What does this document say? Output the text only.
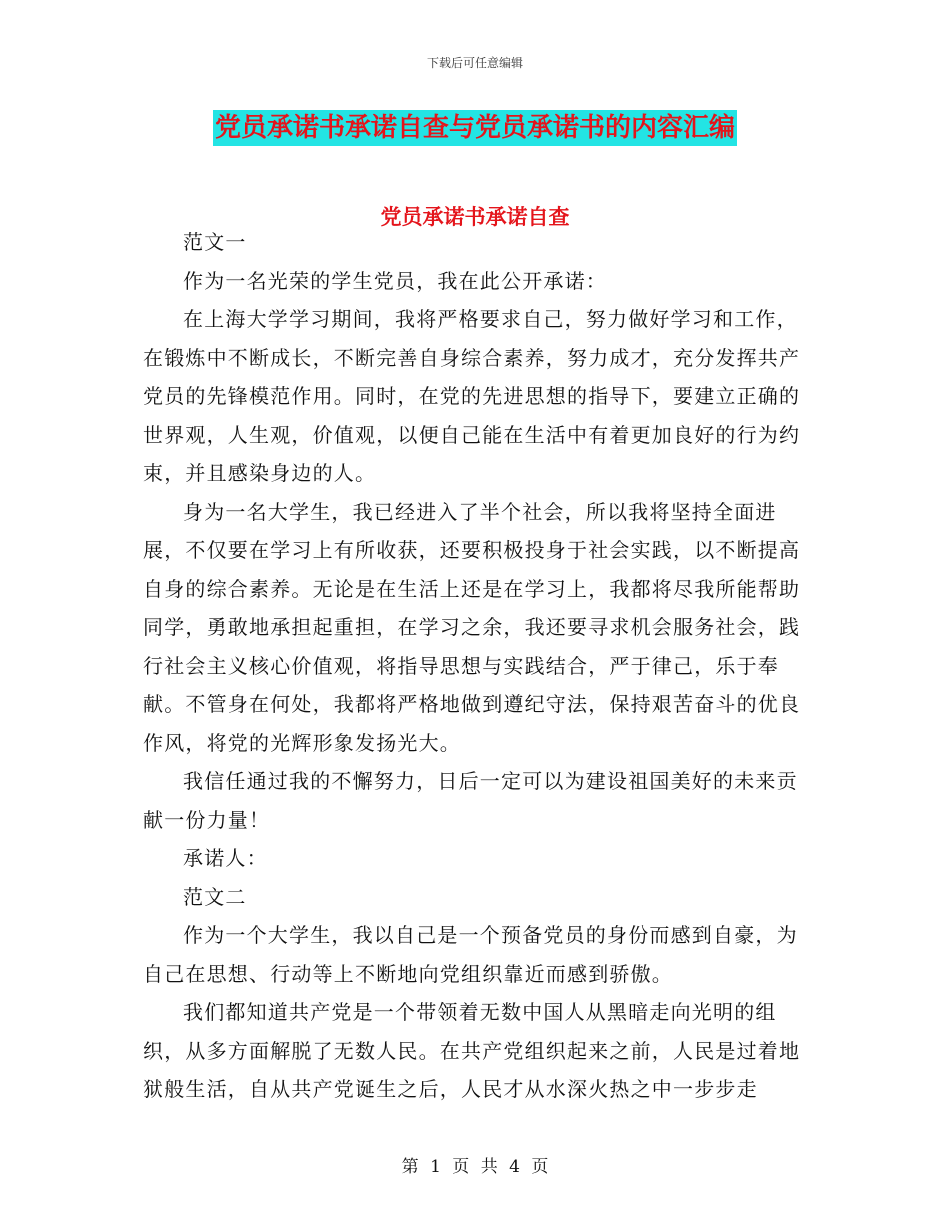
下载后可任意编辑
党员承诺书承诺自查与党员承诺书的内容汇编
党员承诺书承诺自查

范文一

作为一名光荣的学生党员，我在此公开承诺：

在上海大学学习期间，我将严格要求自己，努力做好学习和工作，在锻炼中不断成长，不断完善自身综合素养，努力成才，充分发挥共产党员的先锋模范作用。同时，在党的先进思想的指导下，要建立正确的世界观，人生观，价值观，以便自己能在生活中有着更加良好的行为约束，并且感染身边的人。

身为一名大学生，我已经进入了半个社会，所以我将坚持全面进展，不仅要在学习上有所收获，还要积极投身于社会实践，以不断提高自身的综合素养。无论是在生活上还是在学习上，我都将尽我所能帮助同学，勇敢地承担起重担，在学习之余，我还要寻求机会服务社会，践行社会主义核心价值观，将指导思想与实践结合，严于律己，乐于奉献。不管身在何处，我都将严格地做到遵纪守法，保持艰苦奋斗的优良作风，将党的光辉形象发扬光大。

我信任通过我的不懈努力，日后一定可以为建设祖国美好的未来贡献一份力量！

承诺人：

范文二

作为一个大学生，我以自己是一个预备党员的身份而感到自豪，为自己在思想、行动等上不断地向党组织靠近而感到骄傲。

我们都知道共产党是一个带领着无数中国人从黑暗走向光明的组织，从多方面解脱了无数人民。在共产党组织起来之前，人民是过着地狱般生活，自从共产党诞生之后，人民才从水深火热之中一步步走

第 1 页 共 4 页
